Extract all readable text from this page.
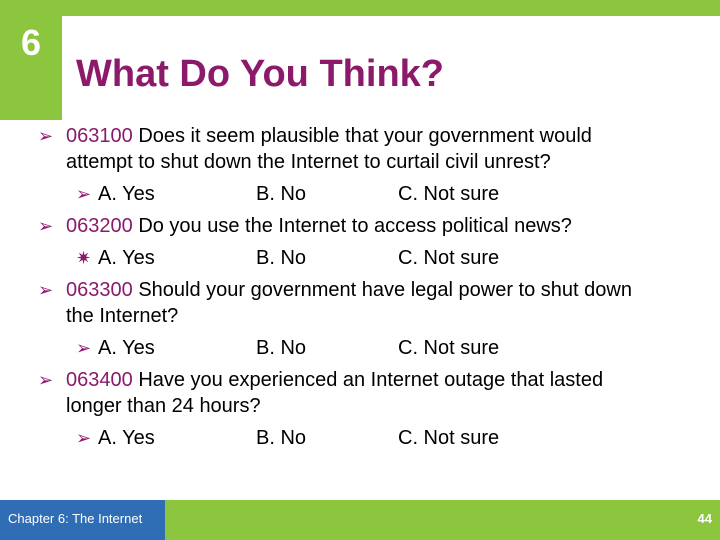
6
What Do You Think?
➢ 063100 Does it seem plausible that your government would
attempt to shut down the Internet to curtail civil unrest?
➢ A. Yes	B. No	C. Not sure
➢ 063200 Do you use the Internet to access political news?
✷ A. Yes	B. No	C. Not sure
➢ 063300 Should your government have legal power to shut down
the Internet?
➢ A. Yes	B. No	C. Not sure
➢ 063400 Have you experienced an Internet outage that lasted
longer than 24 hours?
➢ A. Yes	B. No	C. Not sure
Chapter 6: The Internet	44
